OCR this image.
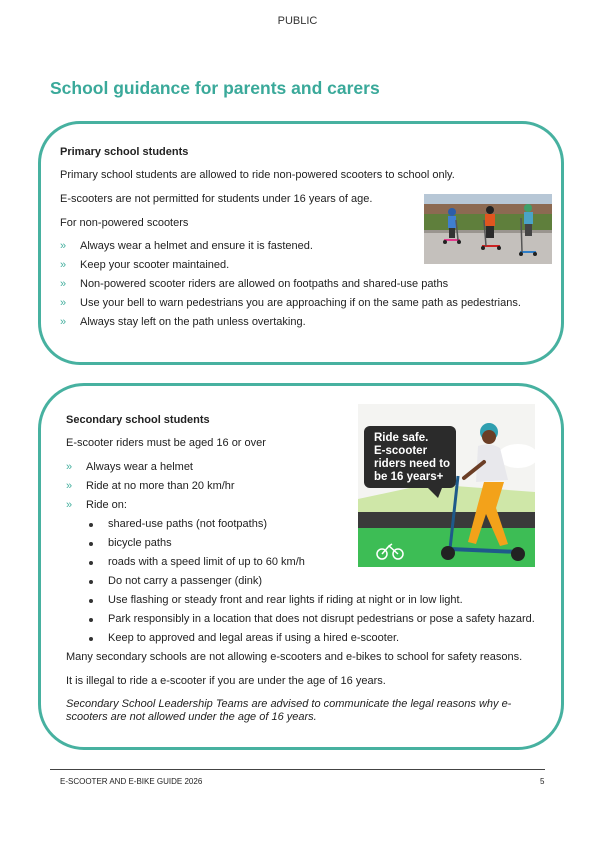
PUBLIC
School guidance for parents and carers
Primary school students
Primary school students are allowed to ride non-powered scooters to school only.
E-scooters are not permitted for students under 16 years of age.
For non-powered scooters
» Always wear a helmet and ensure it is fastened.
» Keep your scooter maintained.
» Non-powered scooter riders are allowed on footpaths and shared-use paths
» Use your bell to warn pedestrians you are approaching if on the same path as pedestrians.
» Always stay left on the path unless overtaking.
Secondary school students
E-scooter riders must be aged 16 or over
» Always wear a helmet
» Ride at no more than 20 km/hr
» Ride on:
shared-use paths (not footpaths)
bicycle paths
roads with a speed limit of up to 60 km/h
Do not carry a passenger (dink)
Use flashing or steady front and rear lights if riding at night or in low light.
Park responsibly in a location that does not disrupt pedestrians or pose a safety hazard.
Keep to approved and legal areas if using a hired e-scooter.
Many secondary schools are not allowing e-scooters and e-bikes to school for safety reasons.
It is illegal to ride a e-scooter if you are under the age of 16 years.
Secondary School Leadership Teams are advised to communicate the legal reasons why e-
scooters are not allowed under the age of 16 years.
Ride safe.
E-scooter
riders need to
be 16 years+
E-SCOOTER AND E-BIKE GUIDE 2026	5
